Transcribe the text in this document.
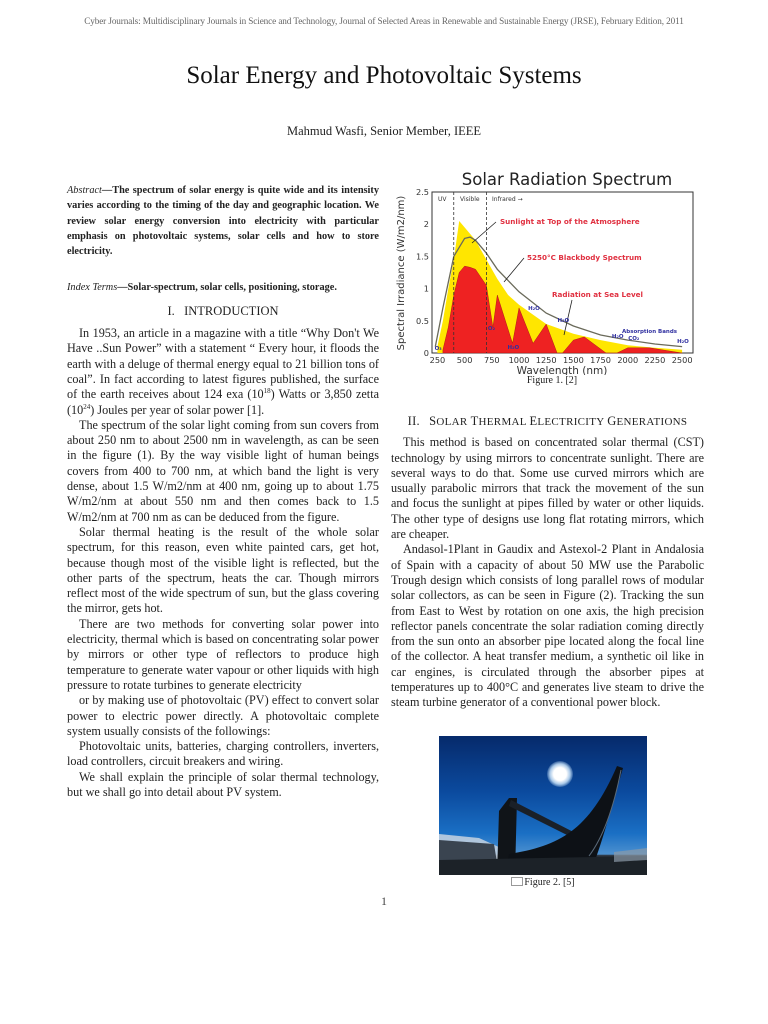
Cyber Journals: Multidisciplinary Journals in Science and Technology, Journal of Selected Areas in Renewable and Sustainable Energy (JRSE), February Edition, 2011
Solar Energy and Photovoltaic Systems
Mahmud Wasfi, Senior Member, IEEE
Abstract—The spectrum of solar energy is quite wide and its intensity varies according to the timing of the day and geographic location. We review solar energy conversion into electricity with particular emphasis on photovoltaic systems, solar cells and how to store electricity.
Index Terms—Solar-spectrum, solar cells, positioning, storage.
I.   INTRODUCTION

In 1953, an article in a magazine with a title “Why Don't We Have ..Sun Power” with a statement “ Every hour, it floods the earth with a deluge of thermal energy equal to 21 billion tons of coal”. In fact according to latest figures published, the surface of the earth receives about 124 exa $(10^{18})$ Watts or 3,850 zetta $(10^{24})$ Joules per year of solar power [1].

The spectrum of the solar light coming from sun covers from about 250 nm to about 2500 nm in wavelength, as can be seen in the figure (1). By the way visible light of human beings covers from 400 to 700 nm, at which band the light is very dense, about 1.5 W/m2/nm at 400 nm, going up to about 1.75 W/m2/nm at about 550 nm and then comes back to 1.5 W/m2/nm at 700 nm as can be deduced from the figure.

Solar thermal heating is the result of the whole solar spectrum, for this reason, even white painted cars, get hot, because though most of the visible light is reflected, but the other parts of the spectrum, heats the car. Though mirrors reflect most of the wide spectrum of sun, but the glass covering the mirror, gets hot.

There are two methods for converting solar power into electricity, thermal which is based on concentrating solar power by mirrors or other type of reflectors to produce high temperature to generate water vapour or other liquids with high pressure to rotate turbines to generate electricity

or by making use of photovoltaic (PV) effect to convert solar power to electric power directly. A photovoltaic complete system usually consists of the followings:

Photovoltaic units, batteries, charging controllers, inverters, load controllers, circuit breakers and wiring.

We shall explain the principle of solar thermal technology, but we shall go into detail about PV system.

Solar Radiation Spectrum
UV Visible Infrared →
250 500 750 1000 1250 1500 1750 2000 2250 2500
0
0.5
1
1.5
2
2.5
Wavelength (nm)
Spectral Irradiance (W/m2/nm)	Sunlight at Top of the Atmosphere
5250°C Blackbody Spectrum
Radiation at Sea Level
Absorption Bands
O₃
O₂
H₂O
H₂O
H₂O
H₂O CO₂	H₂O
Figure 1. [2]
II. SOLAR THERMAL ELECTRICITY GENERATIONS

This method is based on concentrated solar thermal (CST) technology by using mirrors to concentrate sunlight. There are several ways to do that. Some use curved mirrors which are usually parabolic mirrors that track the movement of the sun and focus the sunlight at pipes filled by water or other liquids. The other type of designs use long flat rotating mirrors, which are cheaper.

Andasol-1Plant in Gaudix and Astexol-2 Plant in Andalosia of Spain with a capacity of about 50 MW use the Parabolic Trough design which consists of long parallel rows of modular solar collectors, as can be seen in Figure (2). Tracking the sun from East to West by rotation on one axis, the high precision reflector panels concentrate the solar radiation coming directly from the sun onto an absorber pipe located along the focal line of the collector. A heat transfer medium, a synthetic oil like in car engines, is circulated through the absorber pipes at temperatures up to 400°C and generates live steam to drive the steam turbine generator of a conventional power block.

Figure 2. [5]
1
